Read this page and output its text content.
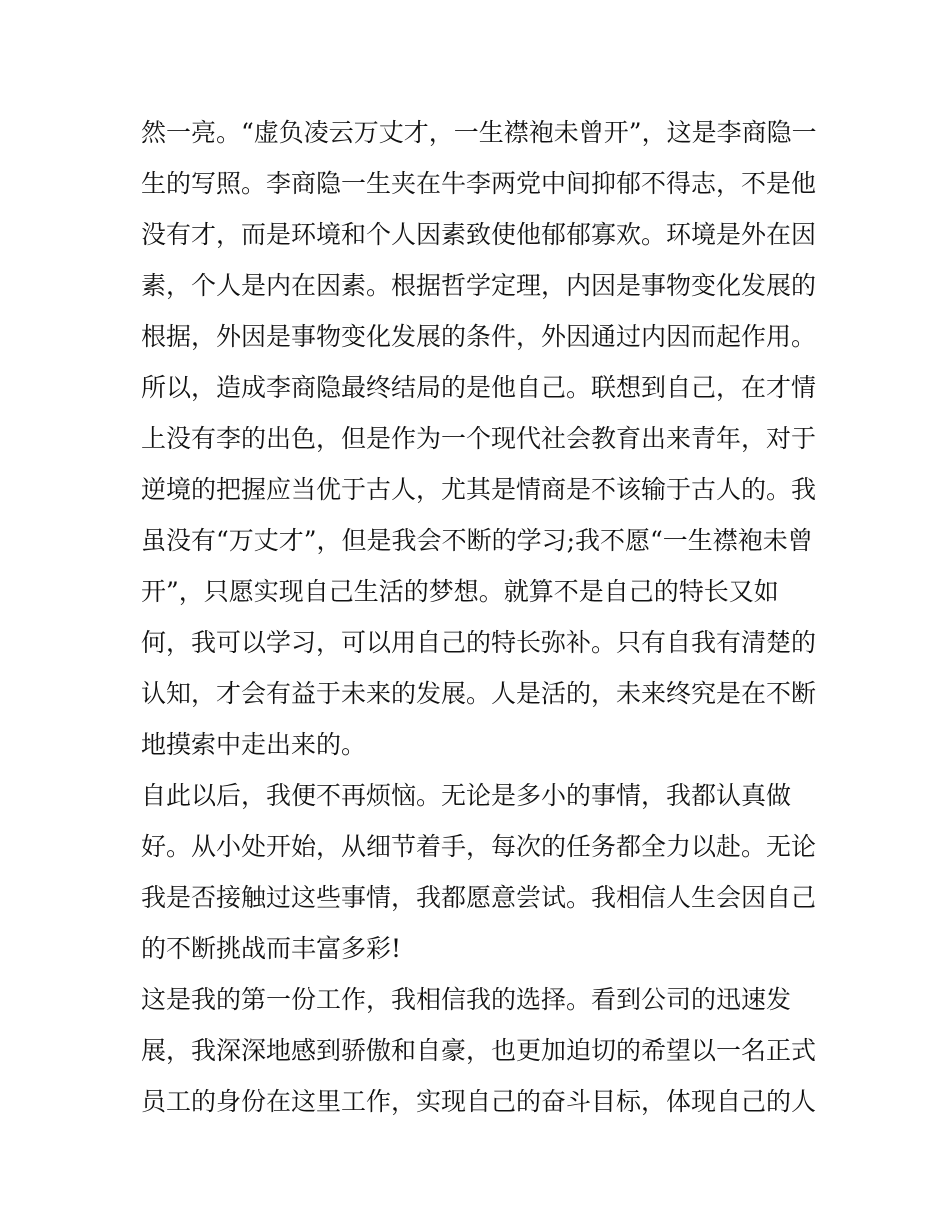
然一亮。“虚负凌云万丈才，一生襟袍未曾开”，这是李商隐一
生的写照。李商隐一生夹在牛李两党中间抑郁不得志，不是他
没有才，而是环境和个人因素致使他郁郁寡欢。环境是外在因
素，个人是内在因素。根据哲学定理，内因是事物变化发展的
根据，外因是事物变化发展的条件，外因通过内因而起作用。
所以，造成李商隐最终结局的是他自己。联想到自己，在才情
上没有李的出色，但是作为一个现代社会教育出来青年，对于
逆境的把握应当优于古人，尤其是情商是不该输于古人的。我
虽没有“万丈才”，但是我会不断的学习;我不愿“一生襟袍未曾
开”，只愿实现自己生活的梦想。就算不是自己的特长又如
何，我可以学习，可以用自己的特长弥补。只有自我有清楚的
认知，才会有益于未来的发展。人是活的，未来终究是在不断
地摸索中走出来的。
自此以后，我便不再烦恼。无论是多小的事情，我都认真做
好。从小处开始，从细节着手，每次的任务都全力以赴。无论
我是否接触过这些事情，我都愿意尝试。我相信人生会因自己
的不断挑战而丰富多彩!
这是我的第一份工作，我相信我的选择。看到公司的迅速发
展，我深深地感到骄傲和自豪，也更加迫切的希望以一名正式
员工的身份在这里工作，实现自己的奋斗目标，体现自己的人
